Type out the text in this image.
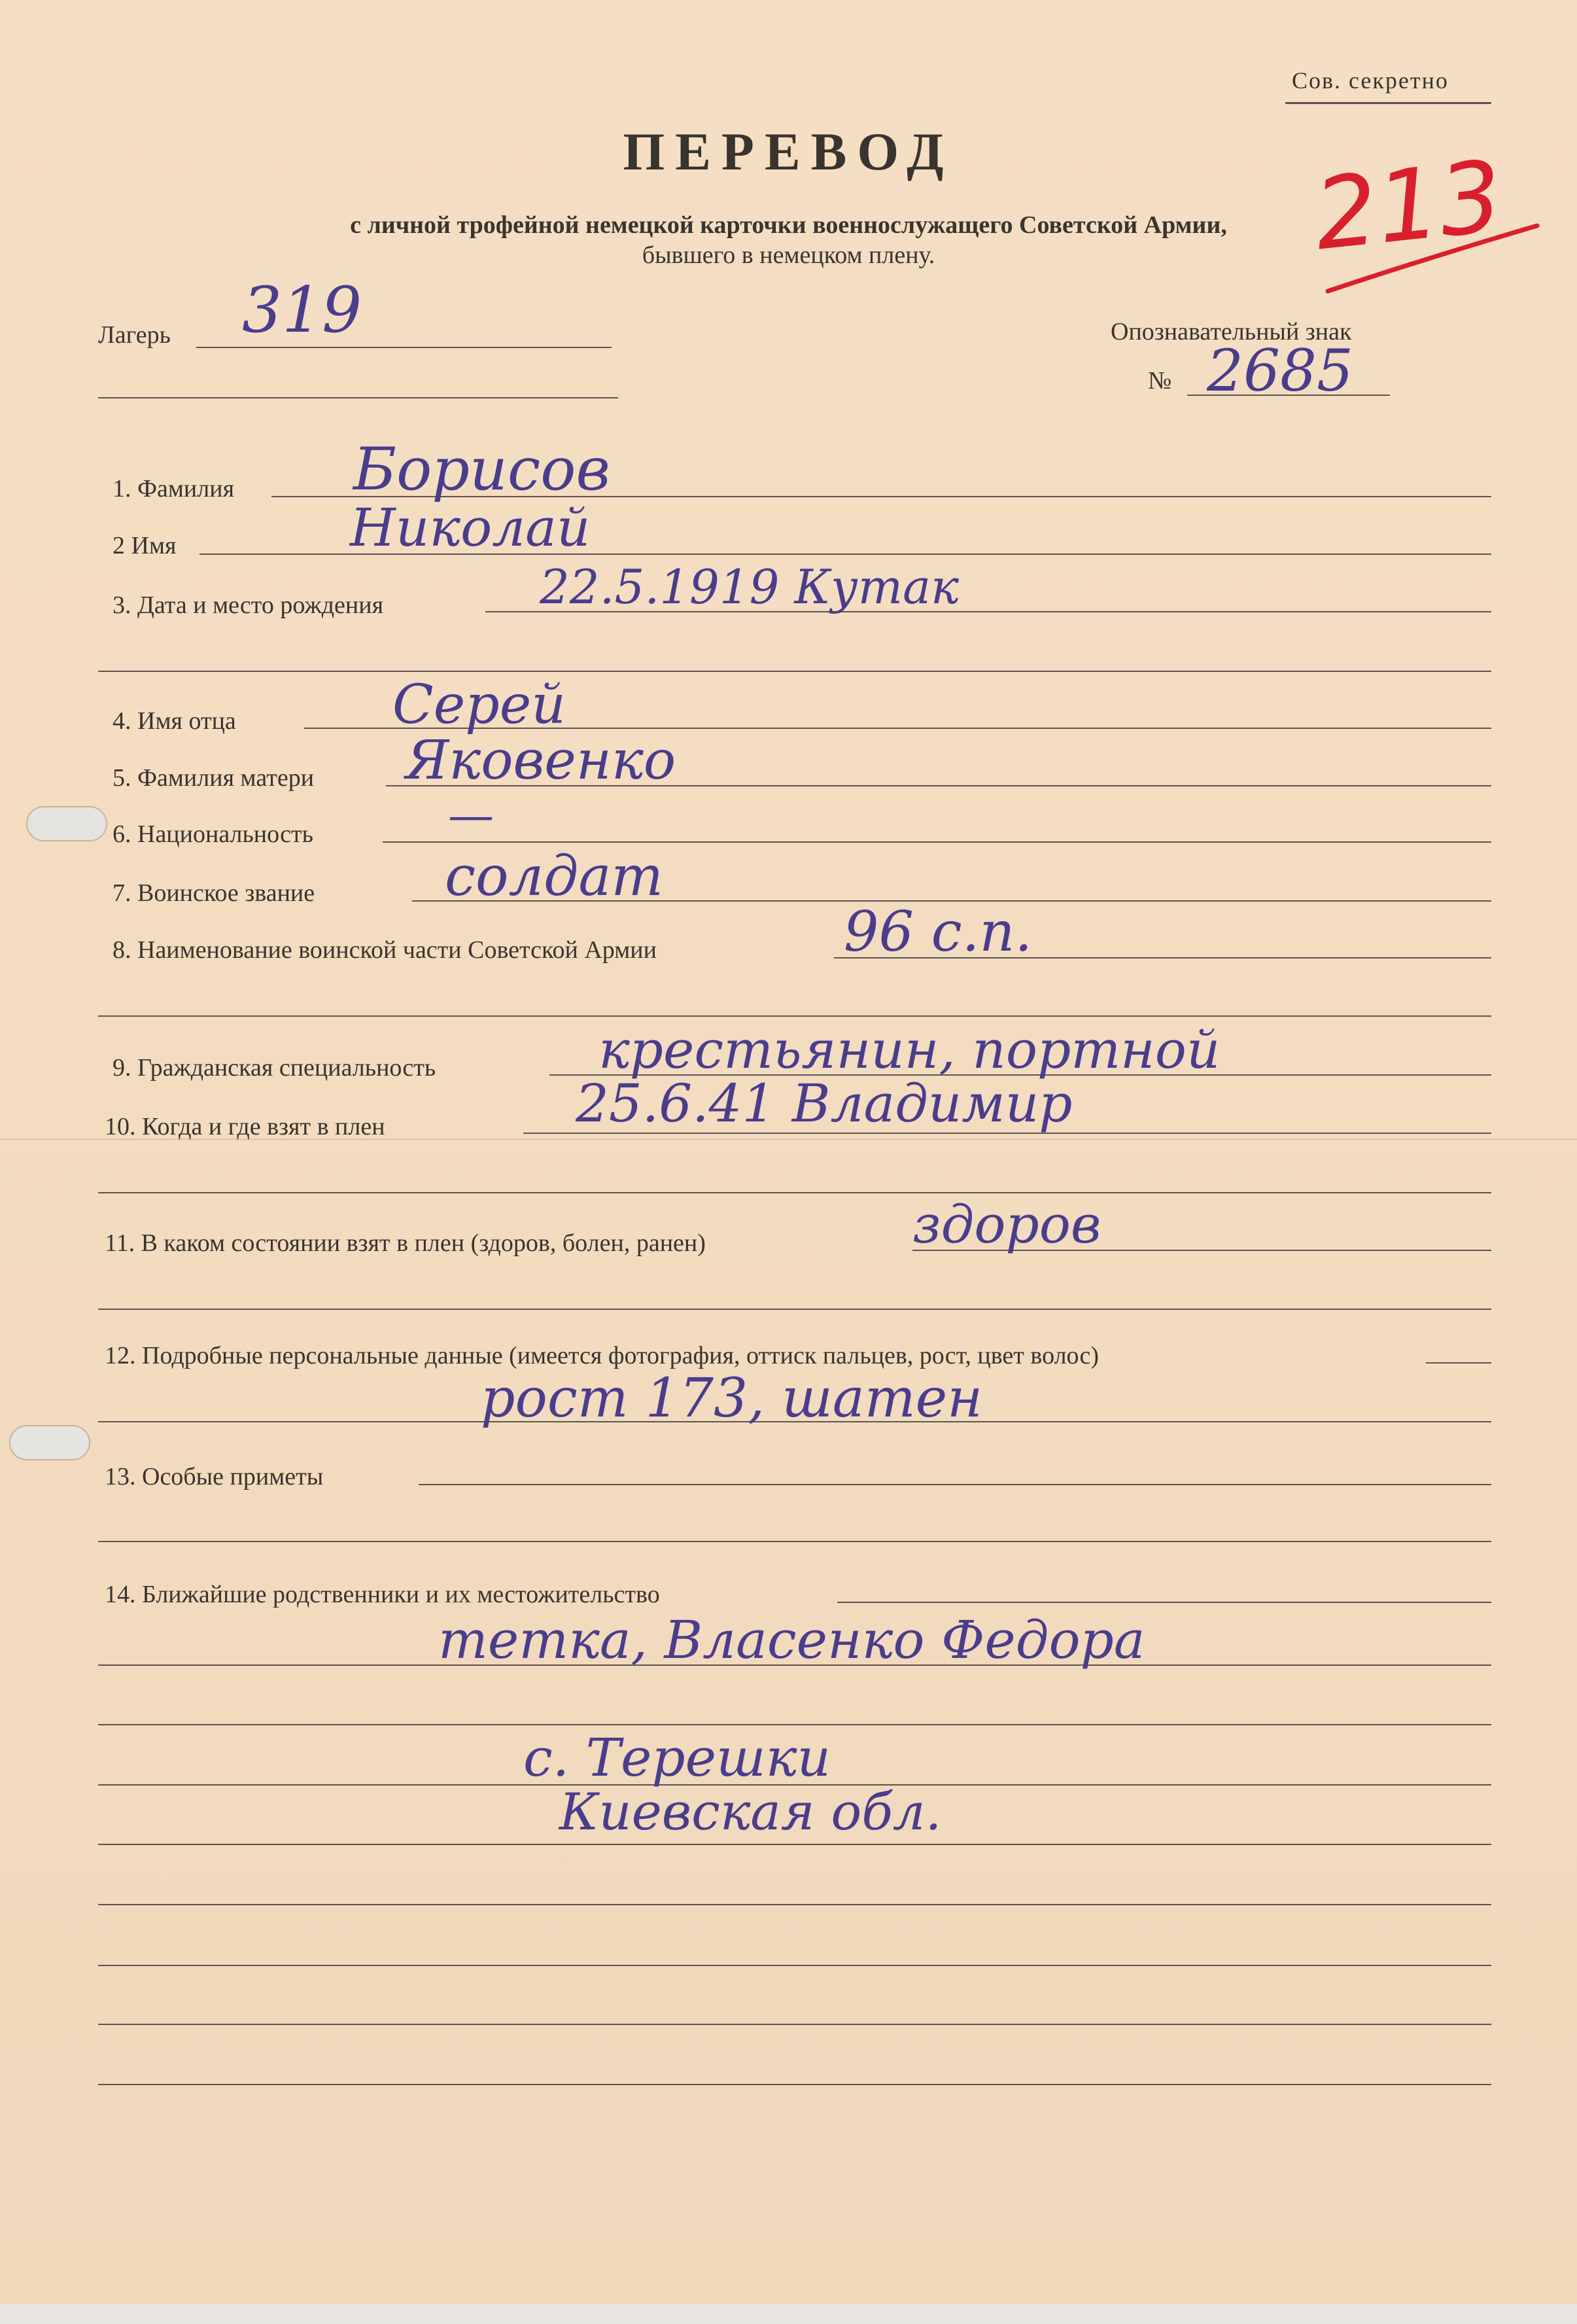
Сов. секретно
ПЕРЕВОД
с личной трофейной немецкой карточки военнослужащего Советской Армии,
бывшего в немецком плену.	213
Лагерь 319	Опознавательный знак
№ 2685
1. Фамилия Борисов
2 Имя	Николай
3. Дата и место рождения	22.5.1919 Кутак
4. Имя отца	Серей
5. Фамилия матери Яковенко
6. Национальность	—
7. Воинское звание солдат
8. Наименование воинской части Советской Армии	96 с.п.
9. Гражданская специальность	крестьянин, портной
10. Когда и где взят в плен	25.6.41 Владимир
11. В каком состоянии взят в плен (здоров, болен, ранен)	здоров
12. Подробные персональные данные (имеется фотография, оттиск пальцев, рост, цвет волос)
рост 173, шатен
13. Особые приметы
14. Ближайшие родственники и их местожительство
тетка, Власенко Федора
с. Терешки
Киевская обл.
